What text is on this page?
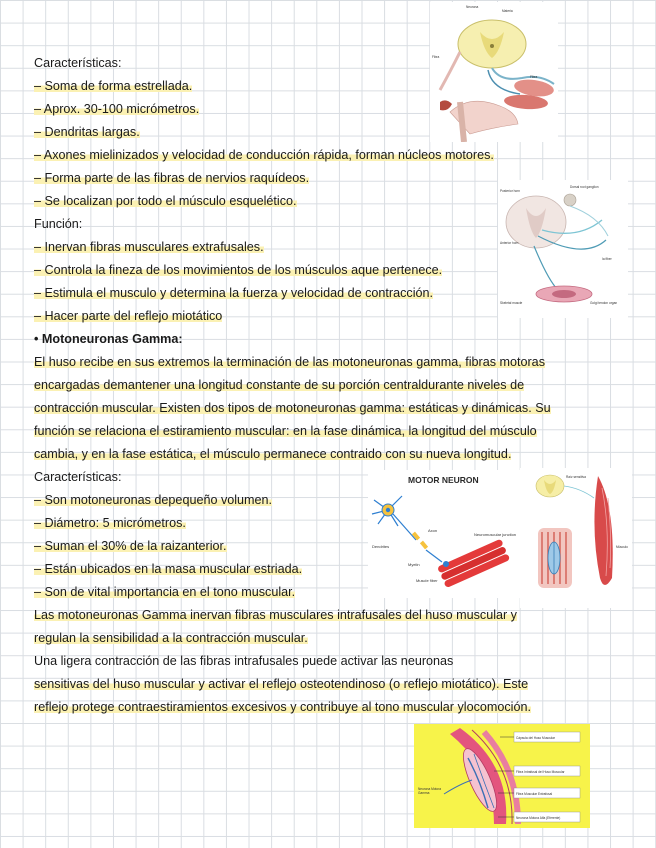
Características:
– Soma de forma estrellada.
– Aprox. 30-100 micrómetros.
– Dendritas largas.
– Axones mielinizados y velocidad de conducción rápida, forman núcleos motores.
– Forma parte de las fibras de nervios raquídeos.
– Se localizan por todo el músculo esquelético.
Función:
– Inervan fibras musculares extrafusales.
– Controla la fineza de los movimientos de los músculos aque pertenece.
– Estimula el musculo y determina la fuerza y velocidad de contracción.
– Hacer parte del reflejo miotático
• Motoneuronas Gamma:
El huso recibe en sus extremos la terminación de las motoneuronas gamma, fibras motoras
encargadas demantener una longitud constante de su porción centraldurante niveles de
contracción muscular. Existen dos tipos de motoneuronas gamma: estáticas y dinámicas. Su
función se relaciona el estiramiento muscular: en la fase dinámica, la longitud del músculo
cambia, y en la fase estática, el músculo permanece contraido con su nueva longitud.
Características:
– Son motoneuronas depequeño volumen.
– Diámetro: 5 micrómetros.
– Suman el 30% de la raizanterior.
– Están ubicados en la masa muscular estriada.
– Son de vital importancia en el tono muscular.
Las motoneuronas Gamma inervan fibras musculares intrafusales del huso muscular y
regulan la sensibilidad a la contracción muscular.
Una ligera contracción de las fibras intrafusales puede activar las neuronas
sensitivas del huso muscular y activar el reflejo osteotendinoso (o reflejo miotático). Este
reflejo protege contraestiramientos excesivos y contribuye al tono muscular ylocomoción.
Neurona
Materia
Fibra
Fibra
Posterior horn
Dorsal root ganglion
Anterior horn
Skeletal muscle	Golgi tendon organ
Ia fiber
MOTOR NEURON
Dendrites
Axon
Myelin
Neuromuscular junction
Muscle fiber
Raíz sensitiva
Músculo
Cápsula del Huso Muscular
Fibra Intrafusal del Huso Muscular
Fibra Muscular Extrafusal
Neurona Motora Alfa (Eferente)
Neurona Motora
Gamma
